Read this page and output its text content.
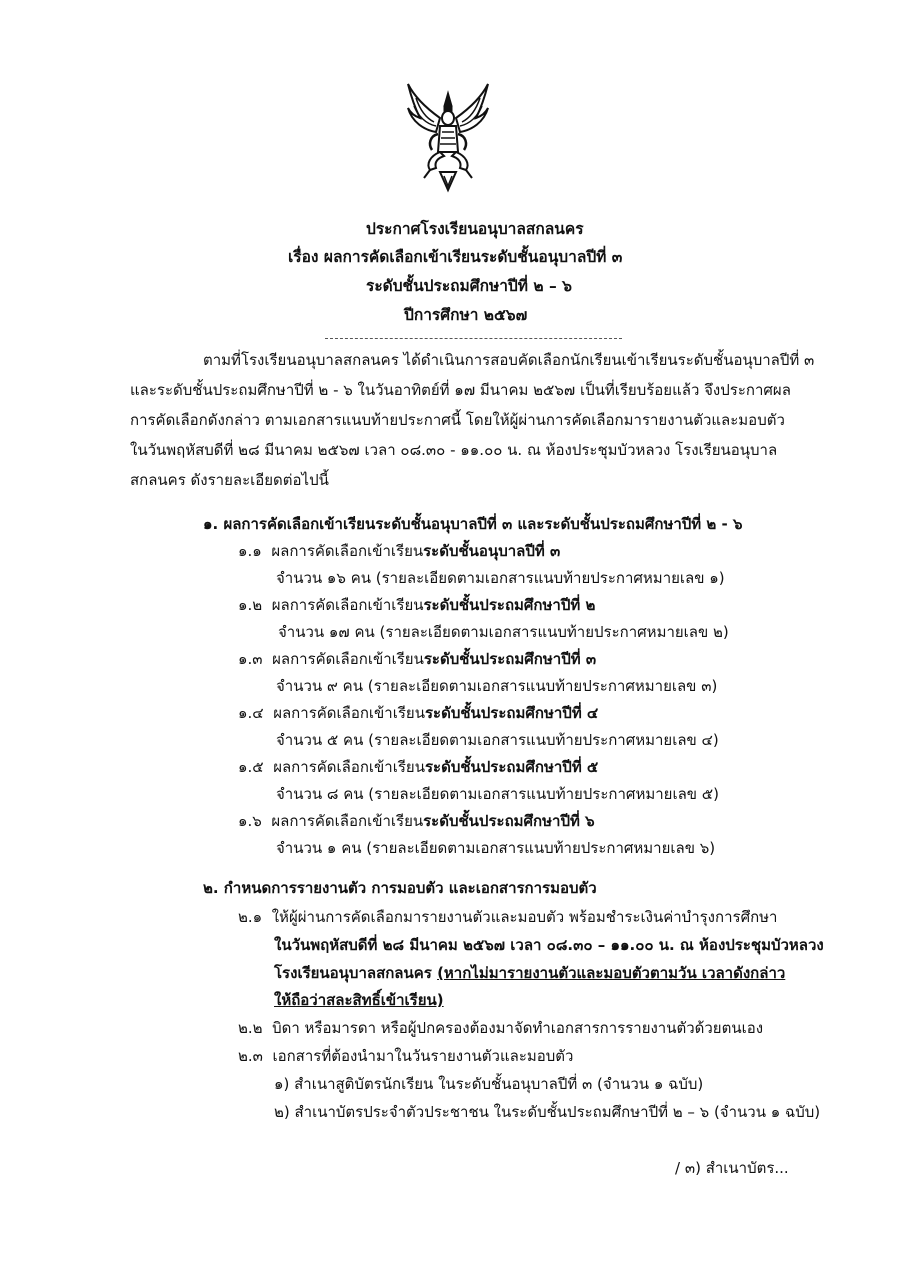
ประกาศโรงเรียนอนุบาลสกลนคร
เรื่อง ผลการคัดเลือกเข้าเรียนระดับชั้นอนุบาลปีที่ ๓
ระดับชั้นประถมศึกษาปีที่ ๒ – ๖
ปีการศึกษา ๒๕๖๗
ตามที่โรงเรียนอนุบาลสกลนคร ได้ดำเนินการสอบคัดเลือกนักเรียนเข้าเรียนระดับชั้นอนุบาลปีที่ ๓
และระดับชั้นประถมศึกษาปีที่ ๒ - ๖ ในวันอาทิตย์ที่ ๑๗ มีนาคม ๒๕๖๗ เป็นที่เรียบร้อยแล้ว จึงประกาศผล
การคัดเลือกดังกล่าว ตามเอกสารแนบท้ายประกาศนี้ โดยให้ผู้ผ่านการคัดเลือกมารายงานตัวและมอบตัว
ในวันพฤหัสบดีที่ ๒๘ มีนาคม ๒๕๖๗ เวลา ๐๘.๓๐ - ๑๑.๐๐ น. ณ ห้องประชุมบัวหลวง โรงเรียนอนุบาล
สกลนคร ดังรายละเอียดต่อไปนี้
๑. ผลการคัดเลือกเข้าเรียนระดับชั้นอนุบาลปีที่ ๓ และระดับชั้นประถมศึกษาปีที่ ๒ - ๖
๑.๑ ผลการคัดเลือกเข้าเรียนระดับชั้นอนุบาลปีที่ ๓
จำนวน ๑๖ คน (รายละเอียดตามเอกสารแนบท้ายประกาศหมายเลข ๑)
๑.๒ ผลการคัดเลือกเข้าเรียนระดับชั้นประถมศึกษาปีที่ ๒
จำนวน ๑๗ คน (รายละเอียดตามเอกสารแนบท้ายประกาศหมายเลข ๒)
๑.๓ ผลการคัดเลือกเข้าเรียนระดับชั้นประถมศึกษาปีที่ ๓
จำนวน ๙ คน (รายละเอียดตามเอกสารแนบท้ายประกาศหมายเลข ๓)
๑.๔ ผลการคัดเลือกเข้าเรียนระดับชั้นประถมศึกษาปีที่ ๔
จำนวน ๕ คน (รายละเอียดตามเอกสารแนบท้ายประกาศหมายเลข ๔)
๑.๕ ผลการคัดเลือกเข้าเรียนระดับชั้นประถมศึกษาปีที่ ๕
จำนวน ๘ คน (รายละเอียดตามเอกสารแนบท้ายประกาศหมายเลข ๕)
๑.๖ ผลการคัดเลือกเข้าเรียนระดับชั้นประถมศึกษาปีที่ ๖
จำนวน ๑ คน (รายละเอียดตามเอกสารแนบท้ายประกาศหมายเลข ๖)
๒. กำหนดการรายงานตัว การมอบตัว และเอกสารการมอบตัว
๒.๑ ให้ผู้ผ่านการคัดเลือกมารายงานตัวและมอบตัว พร้อมชำระเงินค่าบำรุงการศึกษา
ในวันพฤหัสบดีที่ ๒๘ มีนาคม ๒๕๖๗ เวลา ๐๘.๓๐ – ๑๑.๐๐ น. ณ ห้องประชุมบัวหลวง
โรงเรียนอนุบาลสกลนคร (หากไม่มารายงานตัวและมอบตัวตามวัน เวลาดังกล่าว
ให้ถือว่าสละสิทธิ์เข้าเรียน)
๒.๒ บิดา หรือมารดา หรือผู้ปกครองต้องมาจัดทำเอกสารการรายงานตัวด้วยตนเอง
๒.๓ เอกสารที่ต้องนำมาในวันรายงานตัวและมอบตัว
๑) สำเนาสูติบัตรนักเรียน ในระดับชั้นอนุบาลปีที่ ๓ (จำนวน ๑ ฉบับ)
๒) สำเนาบัตรประจำตัวประชาชน ในระดับชั้นประถมศึกษาปีที่ ๒ – ๖ (จำนวน ๑ ฉบับ)
/ ๓) สำเนาบัตร...
